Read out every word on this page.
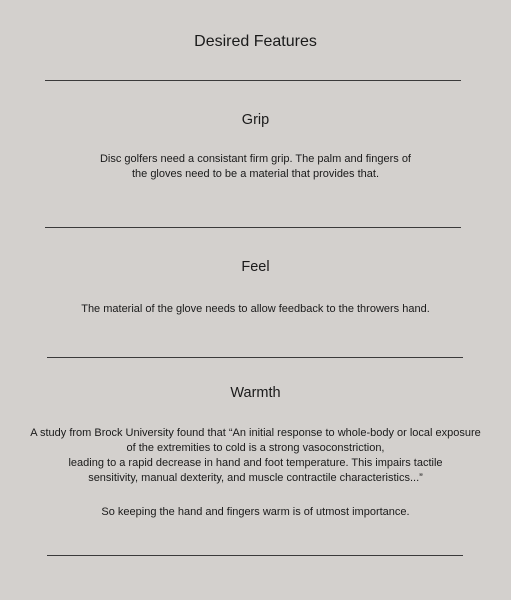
Desired Features
Grip
Disc golfers need a consistant firm grip. The palm and fingers of
the gloves need to be a material that provides that.
Feel
The material of the glove needs to allow feedback to the throwers hand.
Warmth
A study from Brock University found that “An initial response to whole-body or local exposure
of the extremities to cold is a strong vasoconstriction,
leading to a rapid decrease in hand and foot temperature. This impairs tactile
sensitivity, manual dexterity, and muscle contractile characteristics...”
So keeping the hand and fingers warm is of utmost importance.
